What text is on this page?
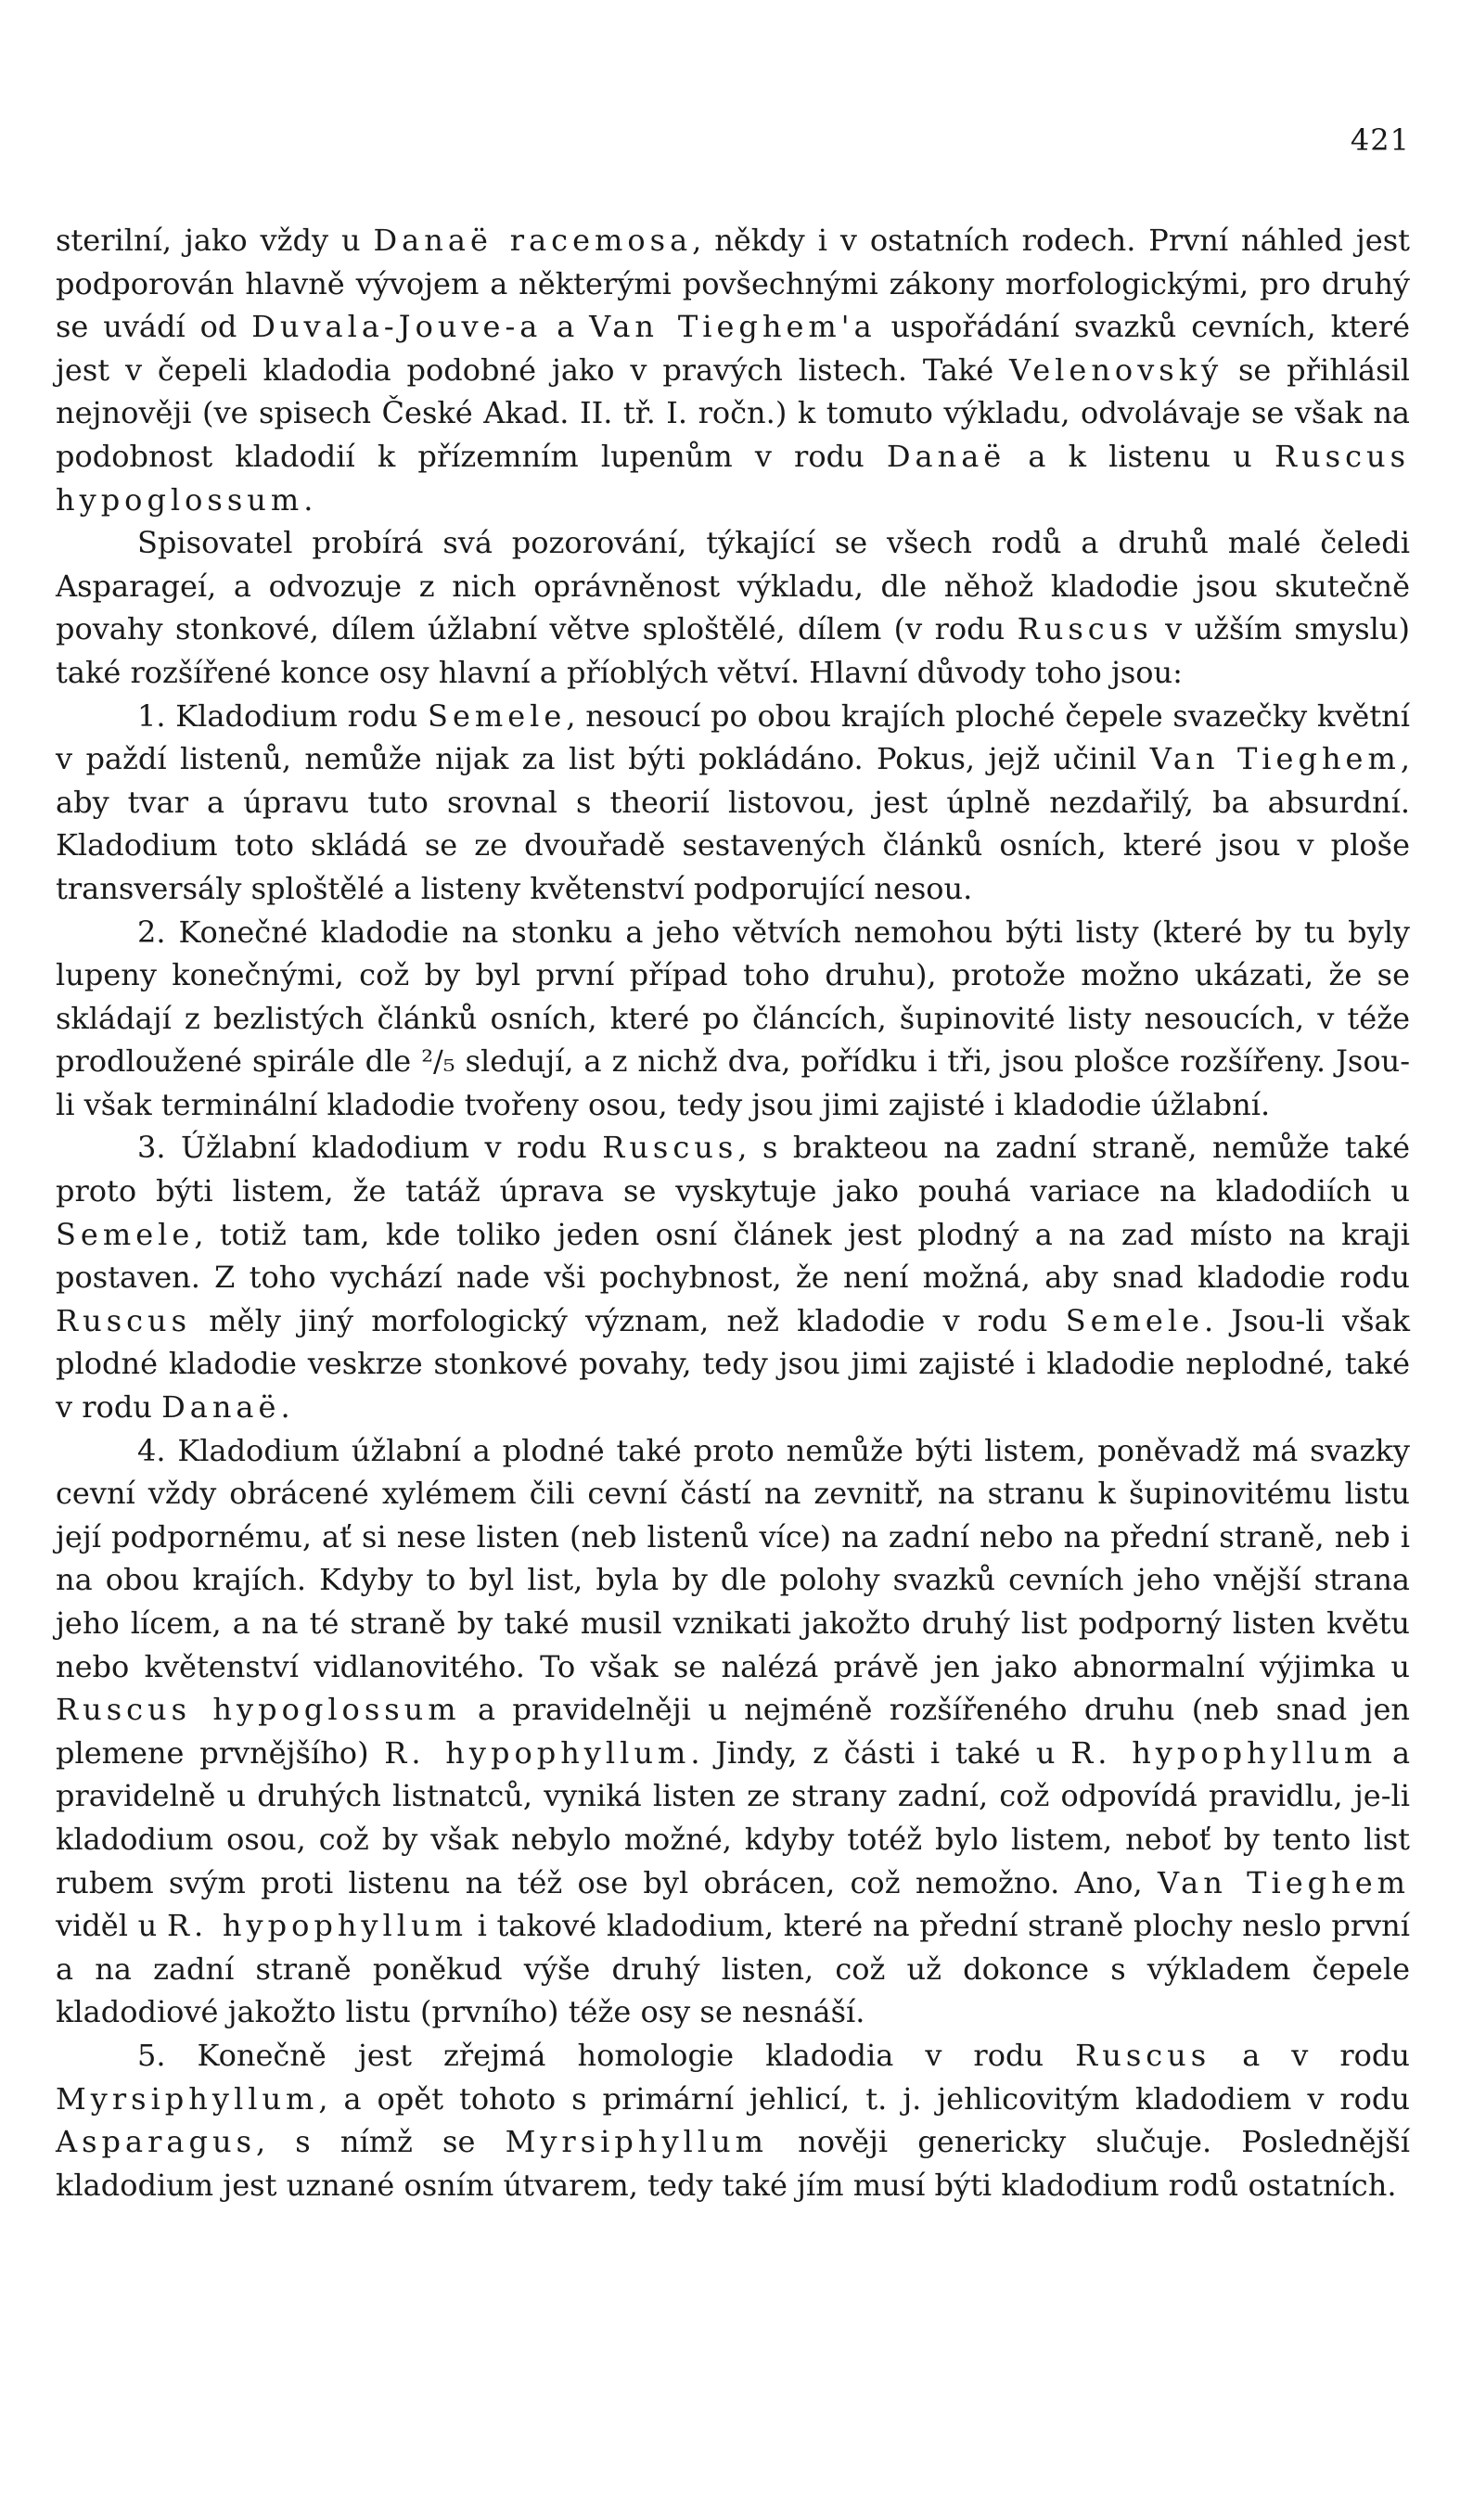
421

sterilní, jako vždy u Danaë racemosa, někdy i v ostatních rodech. První náhled jest podporován hlavně vývojem a některými povšechnými zákony morfologickými, pro druhý se uvádí od Duvala-Jouve-a a Van Tieghem'a uspořádání svazků cevních, které jest v čepeli kladodia podobné jako v pravých listech. Také Velenovský se přihlásil nejnověji (ve spisech České Akad. II. tř. I. ročn.) k tomuto výkladu, odvolávaje se však na podobnost kladodií k přízemním lupenům v rodu Danaë a k listenu u Ruscus hypoglossum.

Spisovatel probírá svá pozorování, týkající se všech rodů a druhů malé čeledi Asparageí, a odvozuje z nich oprávněnost výkladu, dle něhož kladodie jsou skutečně povahy stonkové, dílem úžlabní větve sploštělé, dílem (v rodu Ruscus v užším smyslu) také rozšířené konce osy hlavní a příoblých větví. Hlavní důvody toho jsou:

1. Kladodium rodu Semele, nesoucí po obou krajích ploché čepele svazečky květní v paždí listenů, nemůže nijak za list býti pokládáno. Pokus, jejž učinil Van Tieghem, aby tvar a úpravu tuto srovnal s theorií listovou, jest úplně nezdařilý, ba absurdní. Kladodium toto skládá se ze dvouřadě sestavených článků osních, které jsou v ploše transversály sploštělé a listeny květenství podporující nesou.

2. Konečné kladodie na stonku a jeho větvích nemohou býti listy (které by tu byly lupeny konečnými, což by byl první případ toho druhu), protože možno ukázati, že se skládají z bezlistých článků osních, které po článcích, šupinovité listy nesoucích, v téže prodloužené spirále dle ²/₅ sledují, a z nichž dva, pořídku i tři, jsou plošce rozšířeny. Jsou-li však terminální kladodie tvořeny osou, tedy jsou jimi zajisté i kladodie úžlabní.

3. Úžlabní kladodium v rodu Ruscus, s brakteou na zadní straně, nemůže také proto býti listem, že tatáž úprava se vyskytuje jako pouhá variace na kladodiích u Semele, totiž tam, kde toliko jeden osní článek jest plodný a na zad místo na kraji postaven. Z toho vychází nade vši pochybnost, že není možná, aby snad kladodie rodu Ruscus měly jiný morfologický význam, než kladodie v rodu Semele. Jsou-li však plodné kladodie veskrze stonkové povahy, tedy jsou jimi zajisté i kladodie neplodné, také v rodu Danaë.

4. Kladodium úžlabní a plodné také proto nemůže býti listem, poněvadž má svazky cevní vždy obrácené xylémem čili cevní částí na zevnitř, na stranu k šupinovitému listu její podpornému, ať si nese listen (neb listenů více) na zadní nebo na přední straně, neb i na obou krajích. Kdyby to byl list, byla by dle polohy svazků cevních jeho vnější strana jeho lícem, a na té straně by také musil vznikati jakožto druhý list podporný listen květu nebo květenství vidlanovitého. To však se nalézá právě jen jako abnormalní výjimka u Ruscus hypoglossum a pravidelněji u nejméně rozšířeného druhu (neb snad jen plemene prvnějšího) R. hypophyllum. Jindy, z části i také u R. hypophyllum a pravidelně u druhých listnatců, vyniká listen ze strany zadní, což odpovídá pravidlu, je-li kladodium osou, což by však nebylo možné, kdyby totéž bylo listem, neboť by tento list rubem svým proti listenu na též ose byl obrácen, což nemožno. Ano, Van Tieghem viděl u R. hypophyllum i takové kladodium, které na přední straně plochy neslo první a na zadní straně poněkud výše druhý listen, což už dokonce s výkladem čepele kladodiové jakožto listu (prvního) téže osy se nesnáší.

5. Konečně jest zřejmá homologie kladodia v rodu Ruscus a v rodu Myrsiphyllum, a opět tohoto s primární jehlicí, t. j. jehlicovitým kladodiem v rodu Asparagus, s nímž se Myrsiphyllum nověji genericky slučuje. Poslednější kladodium jest uznané osním útvarem, tedy také jím musí býti kladodium rodů ostatních.
